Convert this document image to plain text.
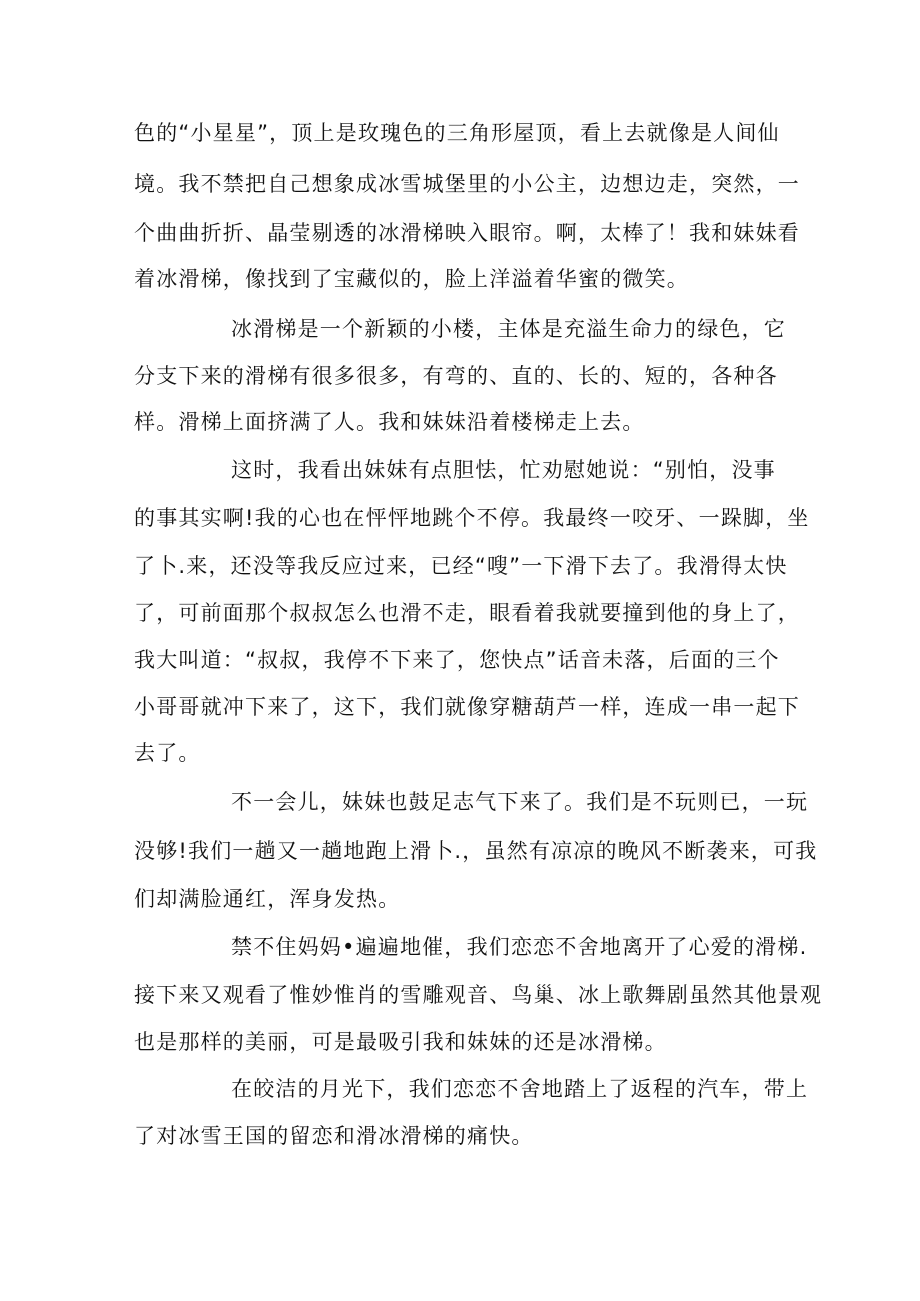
色的“小星星”，顶上是玫瑰色的三角形屋顶，看上去就像是人间仙
境。我不禁把自己想象成冰雪城堡里的小公主，边想边走，突然，一
个曲曲折折、晶莹剔透的冰滑梯映入眼帘。啊，太棒了！我和妹妹看
着冰滑梯，像找到了宝藏似的，脸上洋溢着华蜜的微笑。
冰滑梯是一个新颖的小楼，主体是充溢生命力的绿色，它
分支下来的滑梯有很多很多，有弯的、直的、长的、短的，各种各
样。滑梯上面挤满了人。我和妹妹沿着楼梯走上去。
这时，我看出妹妹有点胆怯，忙劝慰她说：“别怕，没事
的事其实啊!我的心也在怦怦地跳个不停。我最终一咬牙、一跺脚，坐
了卜.来，还没等我反应过来，已经“嗖”一下滑下去了。我滑得太快
了，可前面那个叔叔怎么也滑不走，眼看着我就要撞到他的身上了，
我大叫道：“叔叔，我停不下来了，您快点”话音未落，后面的三个
小哥哥就冲下来了，这下，我们就像穿糖葫芦一样，连成一串一起下
去了。
不一会儿，妹妹也鼓足志气下来了。我们是不玩则已，一玩
没够!我们一趟又一趟地跑上滑卜.，虽然有凉凉的晚风不断袭来，可我
们却满脸通红，浑身发热。
禁不住妈妈•遍遍地催，我们恋恋不舍地离开了心爱的滑梯.
接下来又观看了惟妙惟肖的雪雕观音、鸟巢、冰上歌舞剧虽然其他景观
也是那样的美丽，可是最吸引我和妹妹的还是冰滑梯。
在皎洁的月光下，我们恋恋不舍地踏上了返程的汽车，带上
了对冰雪王国的留恋和滑冰滑梯的痛快。
